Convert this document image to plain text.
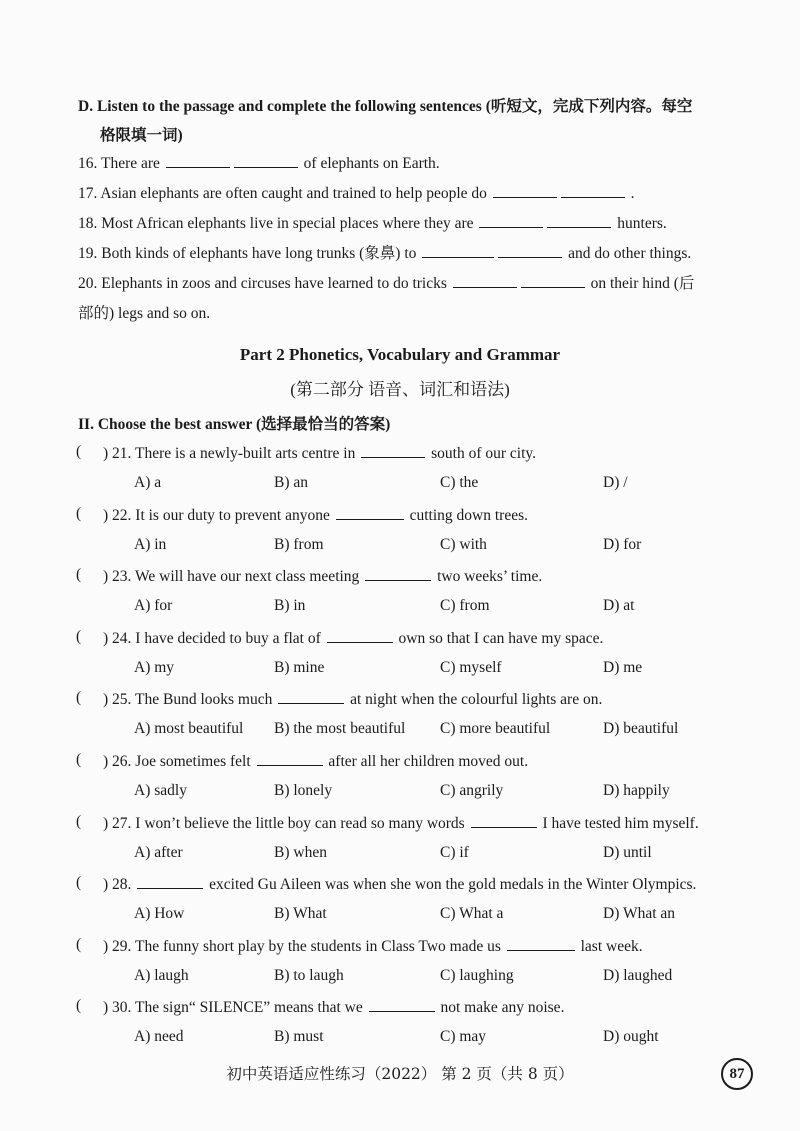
D. Listen to the passage and complete the following sentences (听短文，完成下列内容。每空
格限填一词)
16. There are	of elephants on Earth.
17. Asian elephants are often caught and trained to help people do	.
18. Most African elephants live in special places where they are	hunters.
19. Both kinds of elephants have long trunks (象鼻) to	and do other things.
20. Elephants in zoos and circuses have learned to do tricks	on their hind (后
部的) legs and so on.
Part 2 Phonetics, Vocabulary and Grammar
(第二部分 语音、词汇和语法)
II. Choose the best answer (选择最恰当的答案)
( ) 21. There is a newly-built arts centre in	south of our city.
A) a	B) an	C) the	D) /
( ) 22. It is our duty to prevent anyone	cutting down trees.
A) in	B) from	C) with	D) for
( ) 23. We will have our next class meeting	two weeks’ time.
A) for	B) in	C) from	D) at
( ) 24. I have decided to buy a flat of	own so that I can have my space.
A) my	B) mine	C) myself	D) me
( ) 25. The Bund looks much	at night when the colourful lights are on.
A) most beautiful B) the most beautiful C) more beautiful	D) beautiful
( ) 26. Joe sometimes felt	after all her children moved out.
A) sadly	B) lonely	C) angrily	D) happily
( ) 27. I won’t believe the little boy can read so many words	I have tested him myself.
A) after	B) when	C) if	D) until
( ) 28.	excited Gu Aileen was when she won the gold medals in the Winter Olympics.
A) How	B) What	C) What a	D) What an
( ) 29. The funny short play by the students in Class Two made us	last week.
A) laugh	B) to laugh	C) laughing	D) laughed
( ) 30. The sign“ SILENCE” means that we	not make any noise.
A) need	B) must	C) may	D) ought
初中英语适应性练习（2022） 第 2 页（共 8 页）	87
